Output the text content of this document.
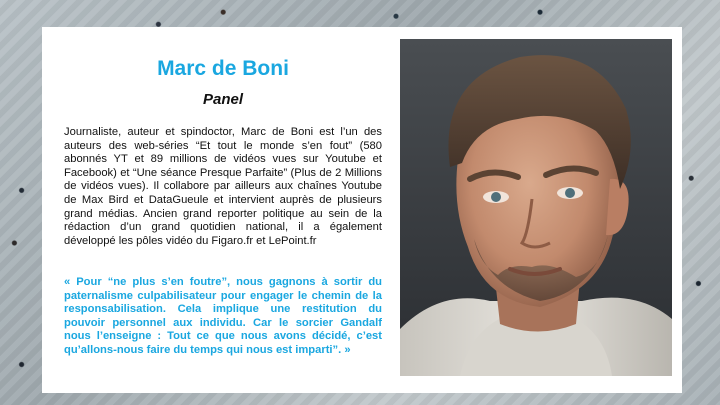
Marc de Boni
Panel

Journaliste, auteur et spindoctor, Marc de Boni est l’un des auteurs des web-séries “Et tout le monde s’en fout” (580 abonnés YT et 89 millions de vidéos vues sur Youtube et Facebook) et “Une séance Presque Parfaite” (Plus de 2 Millions de vidéos vues). Il collabore par ailleurs aux chaînes Youtube de Max Bird et DataGueule et intervient auprès de plusieurs grand médias. Ancien grand reporter politique au sein de la rédaction d’un grand quotidien national, il a également développé les pôles vidéo du Figaro.fr et LePoint.fr

« Pour “ne plus s’en foutre”, nous gagnons à sortir du paternalisme culpabilisateur pour engager le chemin de la responsabilisation. Cela implique une restitution du pouvoir personnel aux individu. Car le sorcier Gandalf nous l’enseigne : Tout ce que nous avons décidé, c’est qu’allons-nous faire du temps qui nous est imparti”. »
